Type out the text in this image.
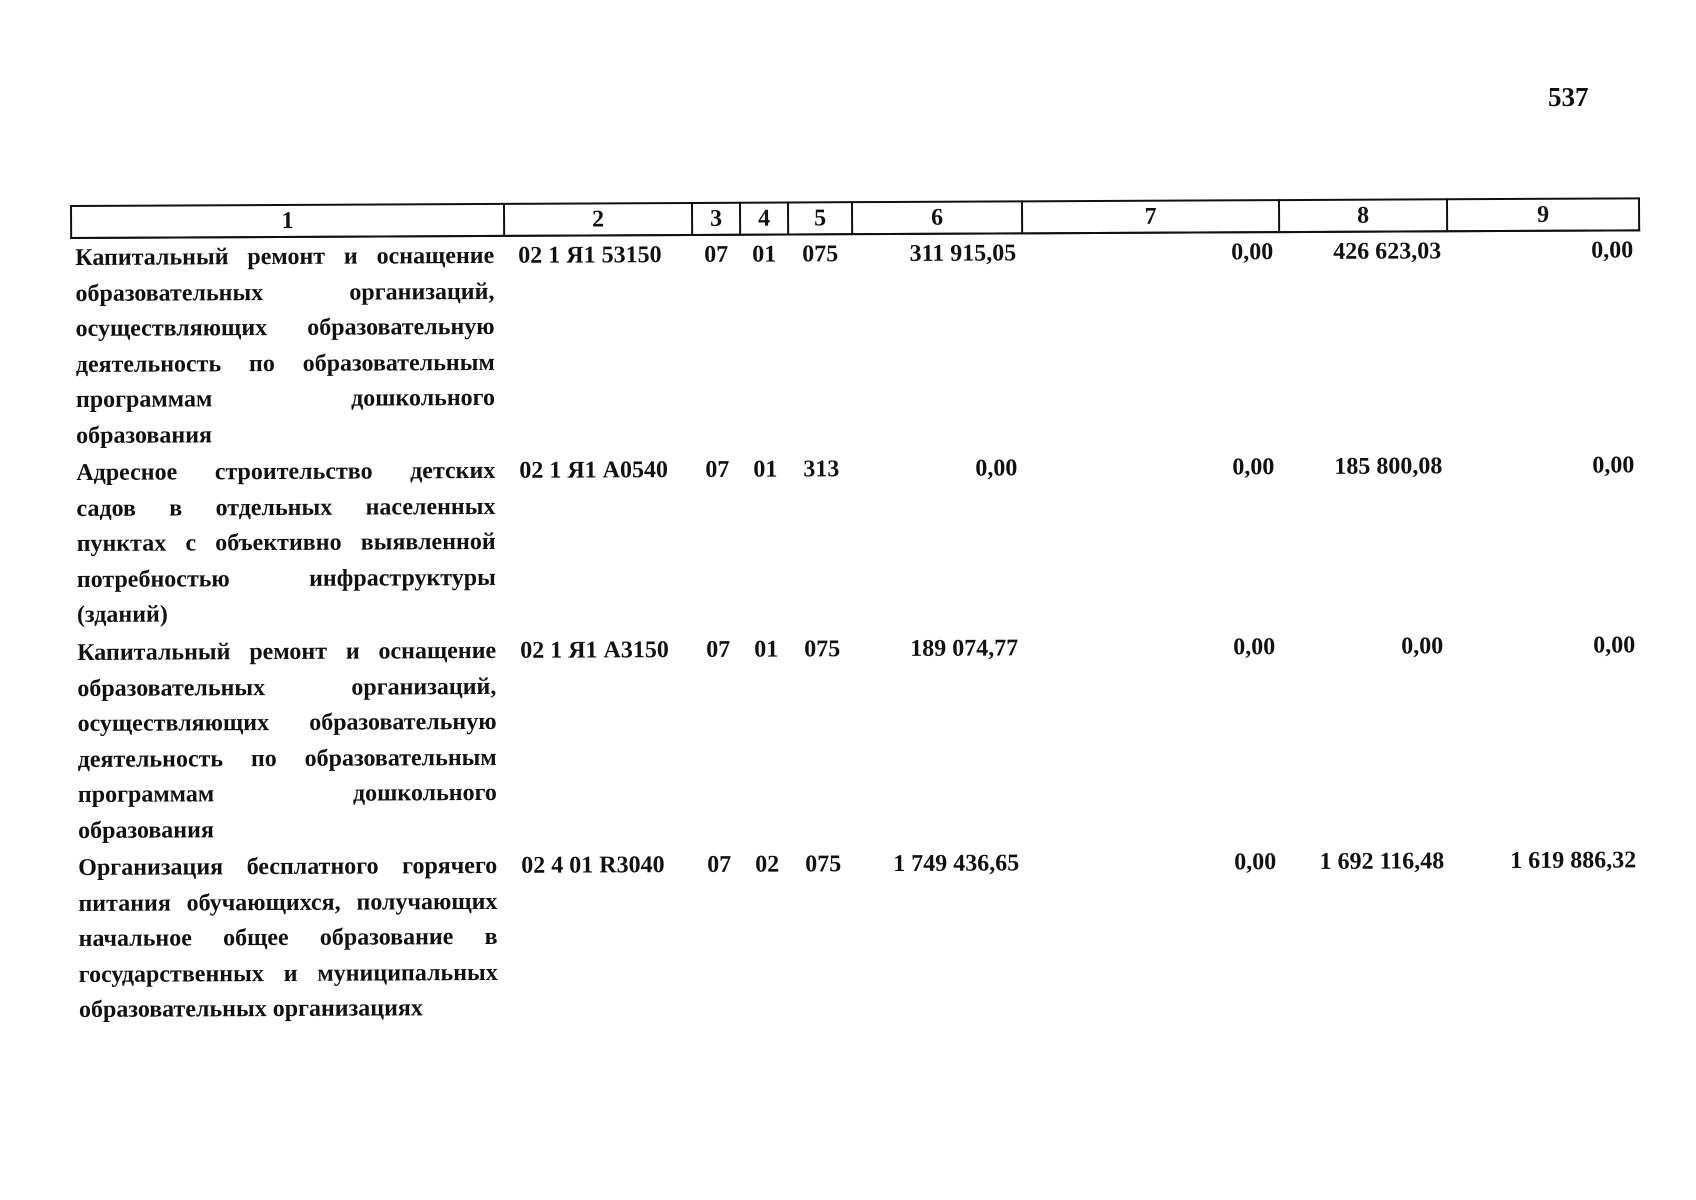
537
1	2	3	4	5	6	7	8	9
Капитальный ремонт и оснащение образовательных организаций, осуществляющих образовательную деятельность по образовательным программам дошкольного образования	02 1 Я1 53150	07	01	075	311 915,05	0,00	426 623,03	0,00
Адресное строительство детских садов в отдельных населенных пунктах с объективно выявленной потребностью инфраструктуры (зданий)	02 1 Я1 А0540	07	01	313	0,00	0,00	185 800,08	0,00
Капитальный ремонт и оснащение образовательных организаций, осуществляющих образовательную деятельность по образовательным программам дошкольного образования	02 1 Я1 А3150	07	01	075	189 074,77	0,00	0,00	0,00
Организация бесплатного горячего питания обучающихся, получающих начальное общее образование в государственных и муниципальных образовательных организациях	02 4 01 R3040	07	02	075	1 749 436,65	0,00	1 692 116,48	1 619 886,32
